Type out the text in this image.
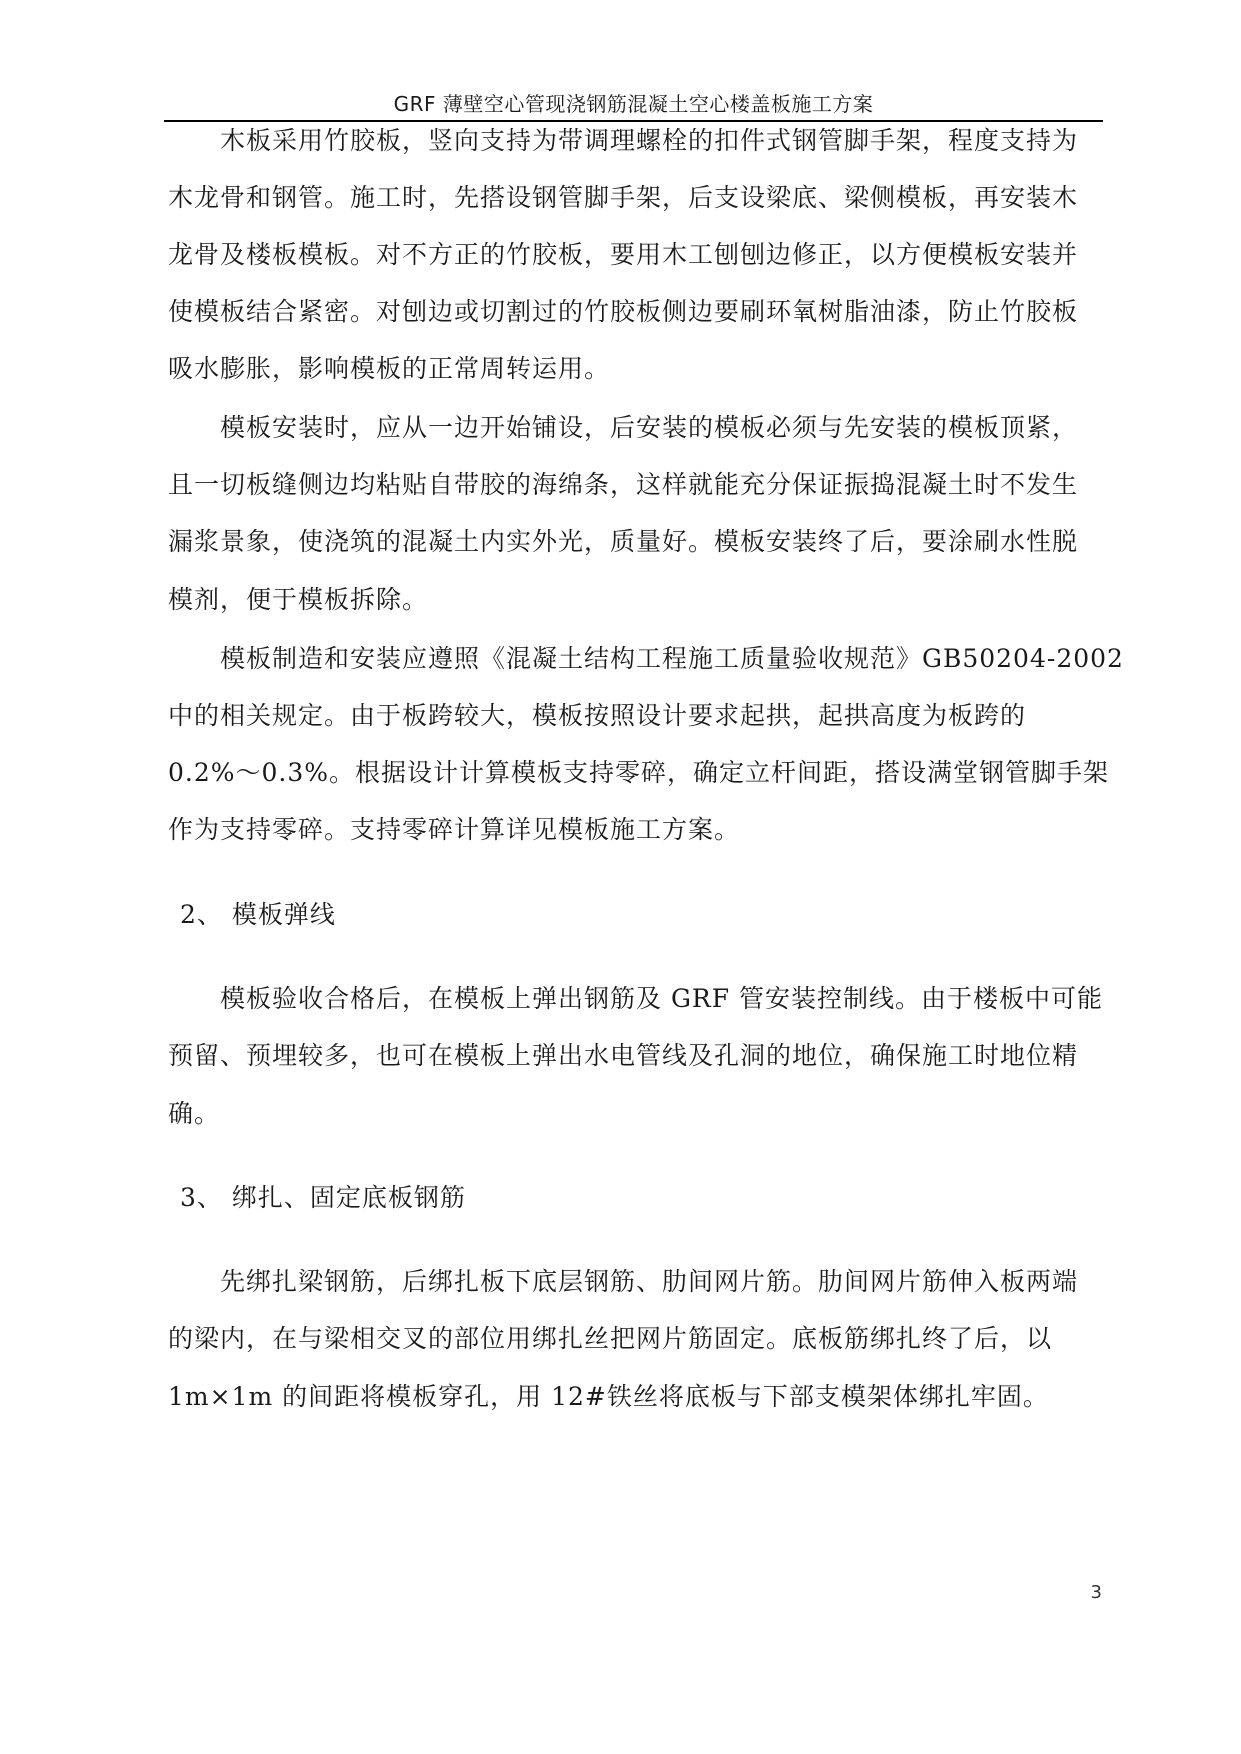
GRF 薄壁空心管现浇钢筋混凝土空心楼盖板施工方案
木板采用竹胶板，竖向支持为带调理螺栓的扣件式钢管脚手架，程度支持为
木龙骨和钢管。施工时，先搭设钢管脚手架，后支设梁底、梁侧模板，再安装木
龙骨及楼板模板。对不方正的竹胶板，要用木工刨刨边修正，以方便模板安装并
使模板结合紧密。对刨边或切割过的竹胶板侧边要刷环氧树脂油漆，防止竹胶板
吸水膨胀，影响模板的正常周转运用。
模板安装时，应从一边开始铺设，后安装的模板必须与先安装的模板顶紧，
且一切板缝侧边均粘贴自带胶的海绵条，这样就能充分保证振捣混凝土时不发生
漏浆景象，使浇筑的混凝土内实外光，质量好。模板安装终了后，要涂刷水性脱
模剂，便于模板拆除。
模板制造和安装应遵照《混凝土结构工程施工质量验收规范》GB50204-2002
中的相关规定。由于板跨较大，模板按照设计要求起拱，起拱高度为板跨的
0.2%～0.3%。根据设计计算模板支持零碎，确定立杆间距，搭设满堂钢管脚手架
作为支持零碎。支持零碎计算详见模板施工方案。
2、 模板弹线
模板验收合格后，在模板上弹出钢筋及 GRF 管安装控制线。由于楼板中可能
预留、预埋较多，也可在模板上弹出水电管线及孔洞的地位，确保施工时地位精
确。
3、 绑扎、固定底板钢筋
先绑扎梁钢筋，后绑扎板下底层钢筋、肋间网片筋。肋间网片筋伸入板两端
的梁内，在与梁相交叉的部位用绑扎丝把网片筋固定。底板筋绑扎终了后，以
1m×1m 的间距将模板穿孔，用 12#铁丝将底板与下部支模架体绑扎牢固。
3
